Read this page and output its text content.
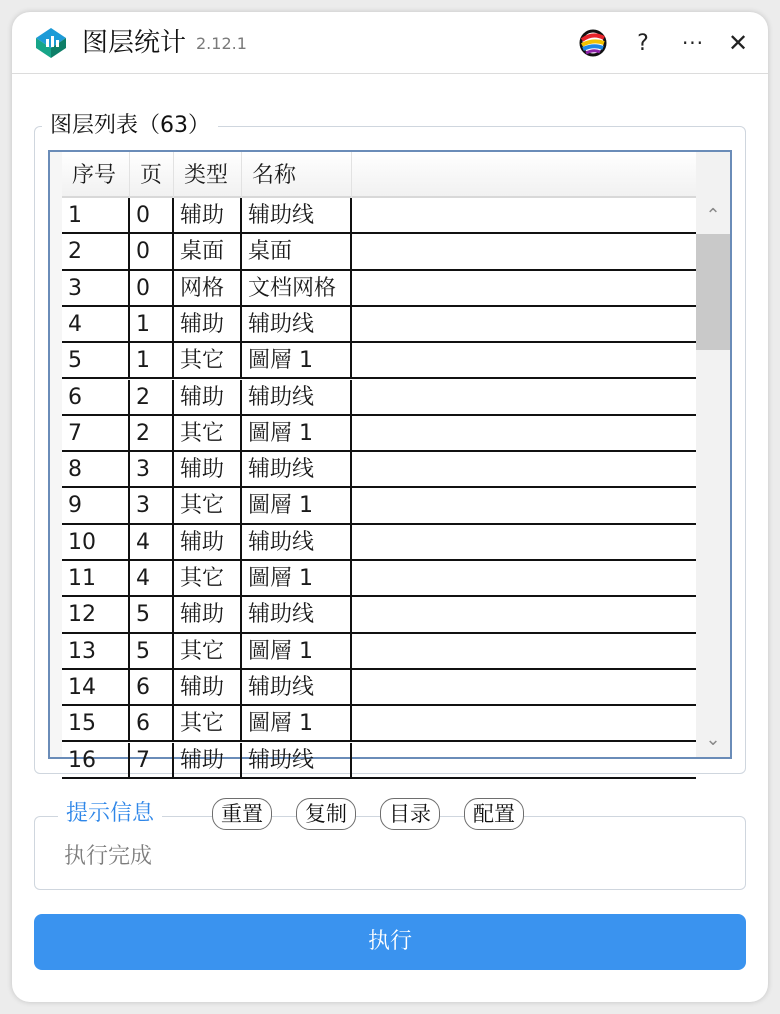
图层统计 2.12.1	?	··· ✕
图层列表（63）
序号	页 类型	名称
1	0	辅助	辅助线
2	0	桌面	桌面
3	0	网格	文档网格
4	1	辅助	辅助线
5	1	其它	圖層 1
6	2	辅助	辅助线
7	2	其它	圖層 1
8	3	辅助	辅助线
9	3	其它	圖層 1
10	4	辅助	辅助线
11	4	其它	圖層 1
12	5	辅助	辅助线
13	5	其它	圖層 1
14	6	辅助	辅助线
15	6	其它	圖層 1
16	7	辅助	辅助线
⌃
⌄
提示信息	重置	复制	目录	配置
执行完成
执行
